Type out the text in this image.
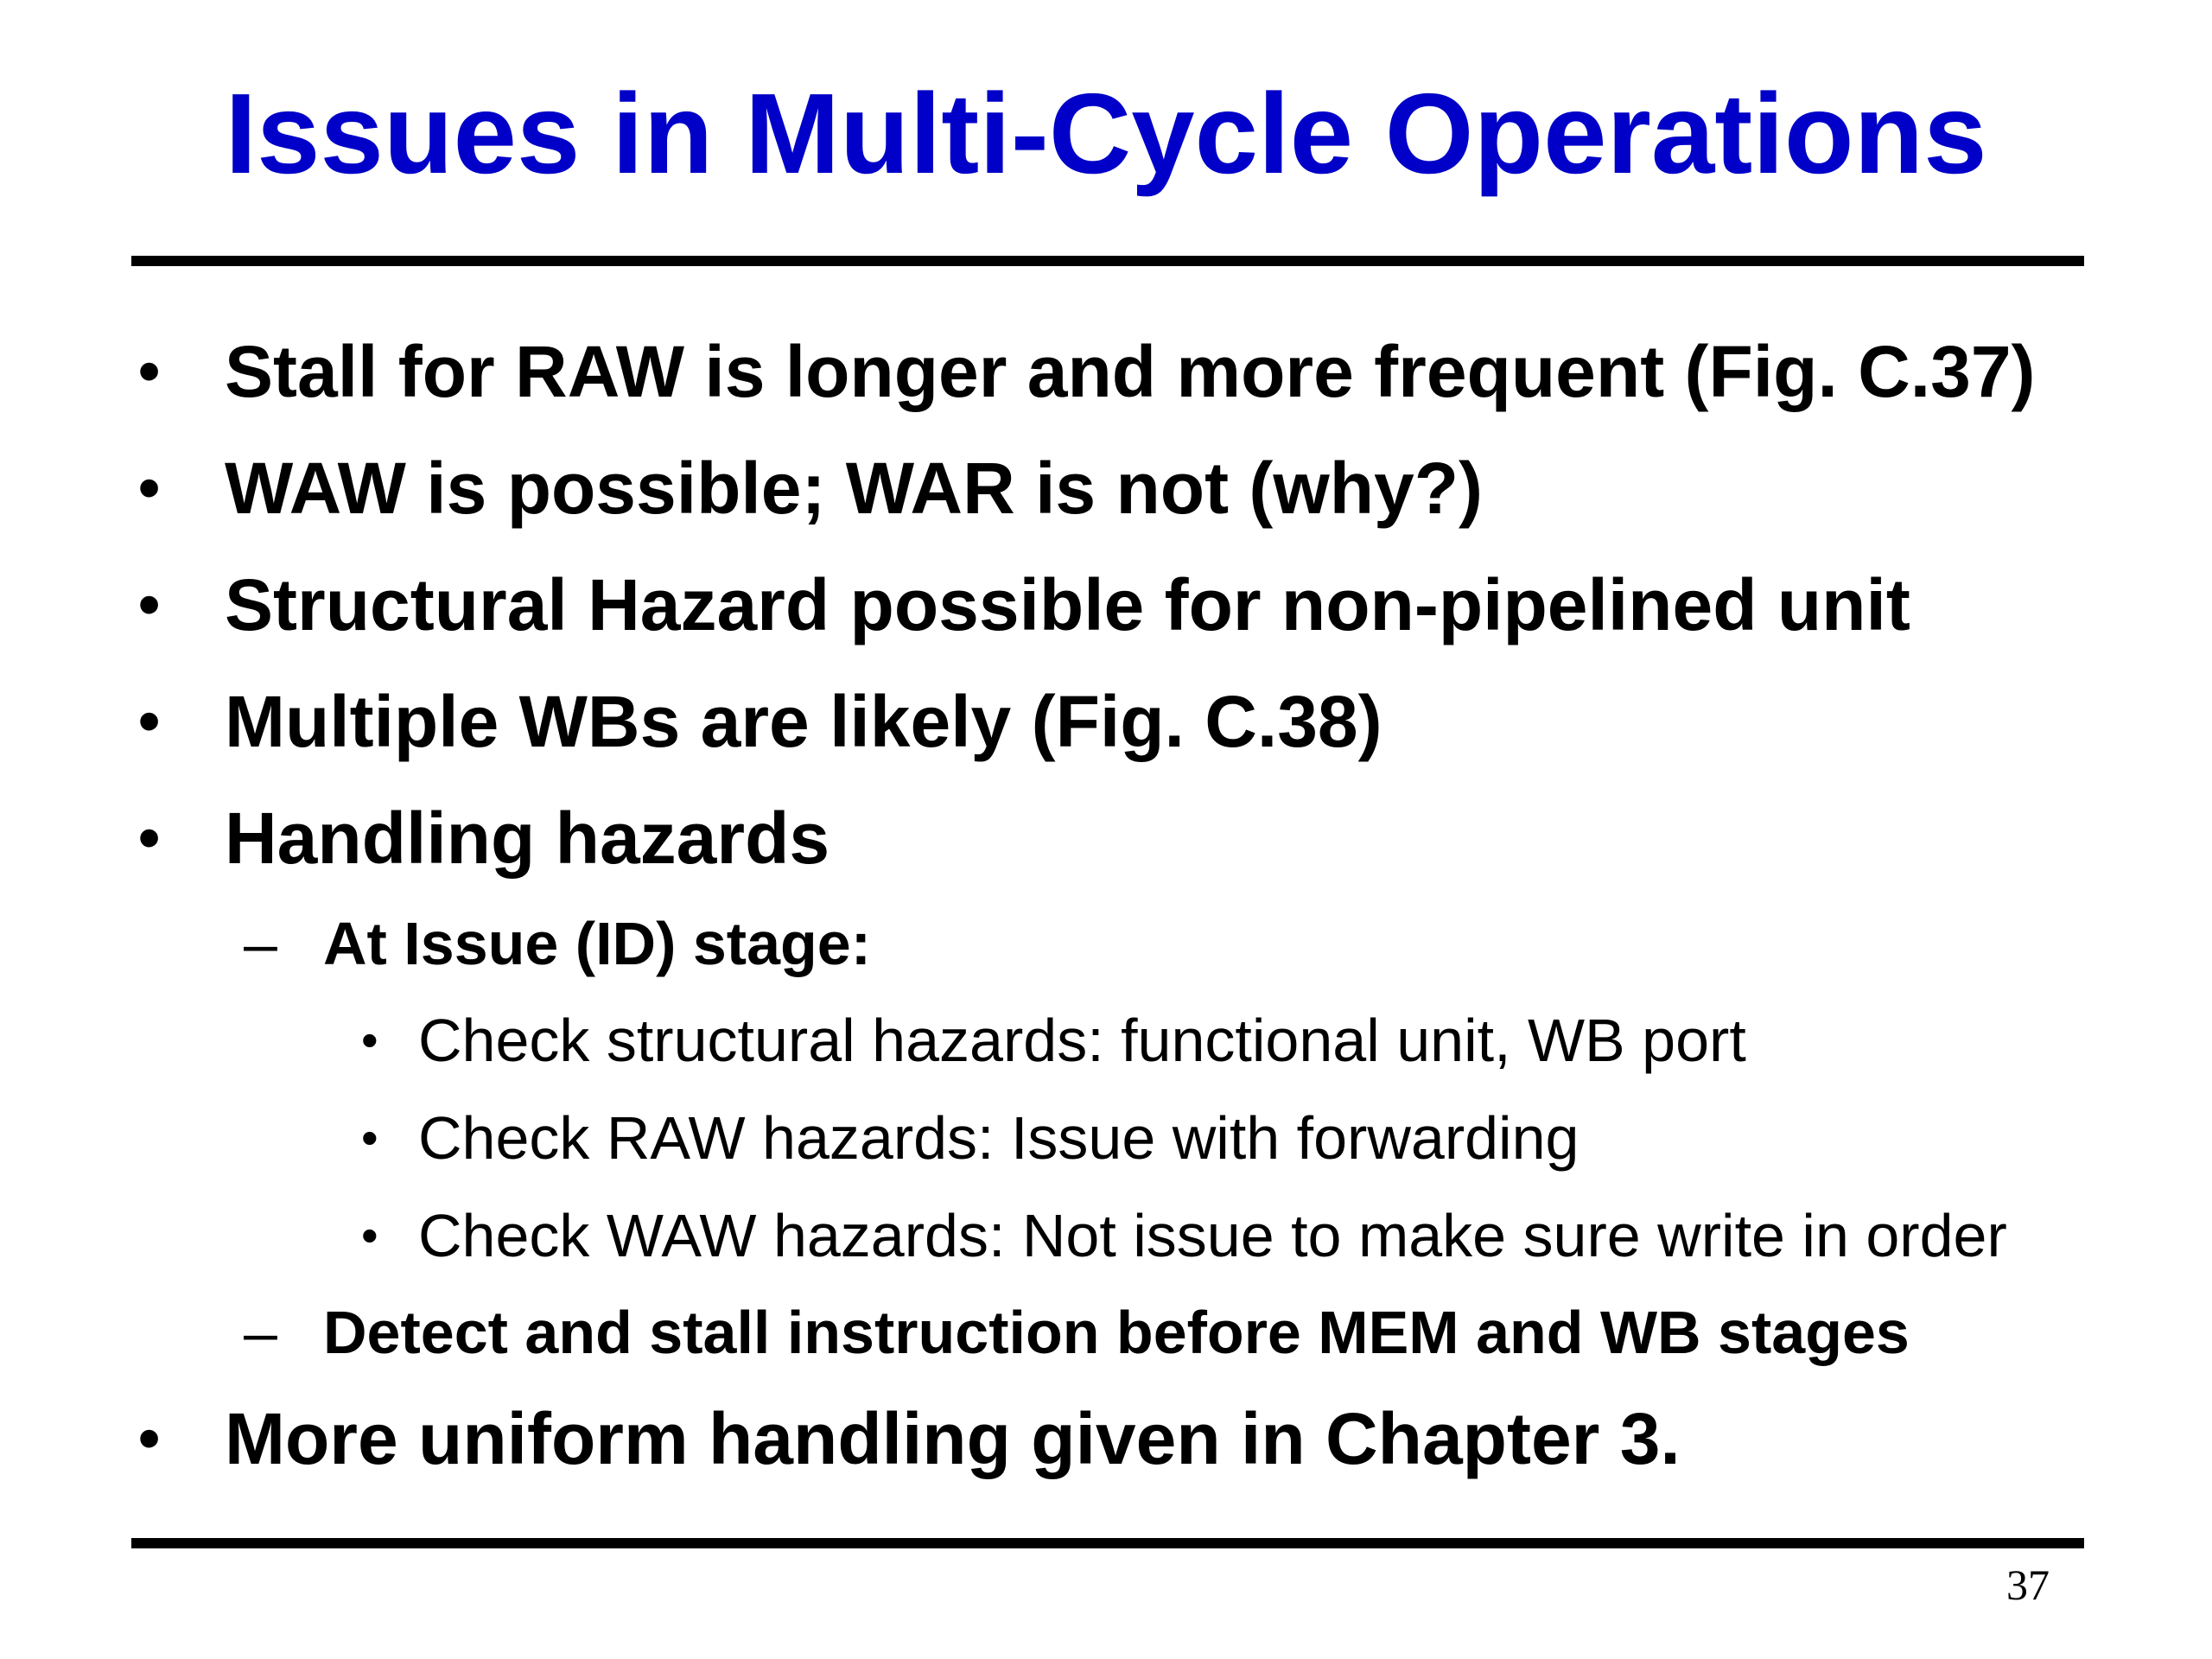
Issues in Multi-Cycle Operations
• Stall for RAW is longer and more frequent (Fig. C.37)
• WAW is possible; WAR is not (why?)
• Structural Hazard possible for non-pipelined unit
• Multiple WBs are likely (Fig. C.38)
• Handling hazards
– At Issue (ID) stage:
• Check structural hazards: functional unit, WB port
• Check RAW hazards: Issue with forwarding
• Check WAW hazards: Not issue to make sure write in order
– Detect and stall instruction before MEM and WB stages
• More uniform handling given in Chapter 3.
37
